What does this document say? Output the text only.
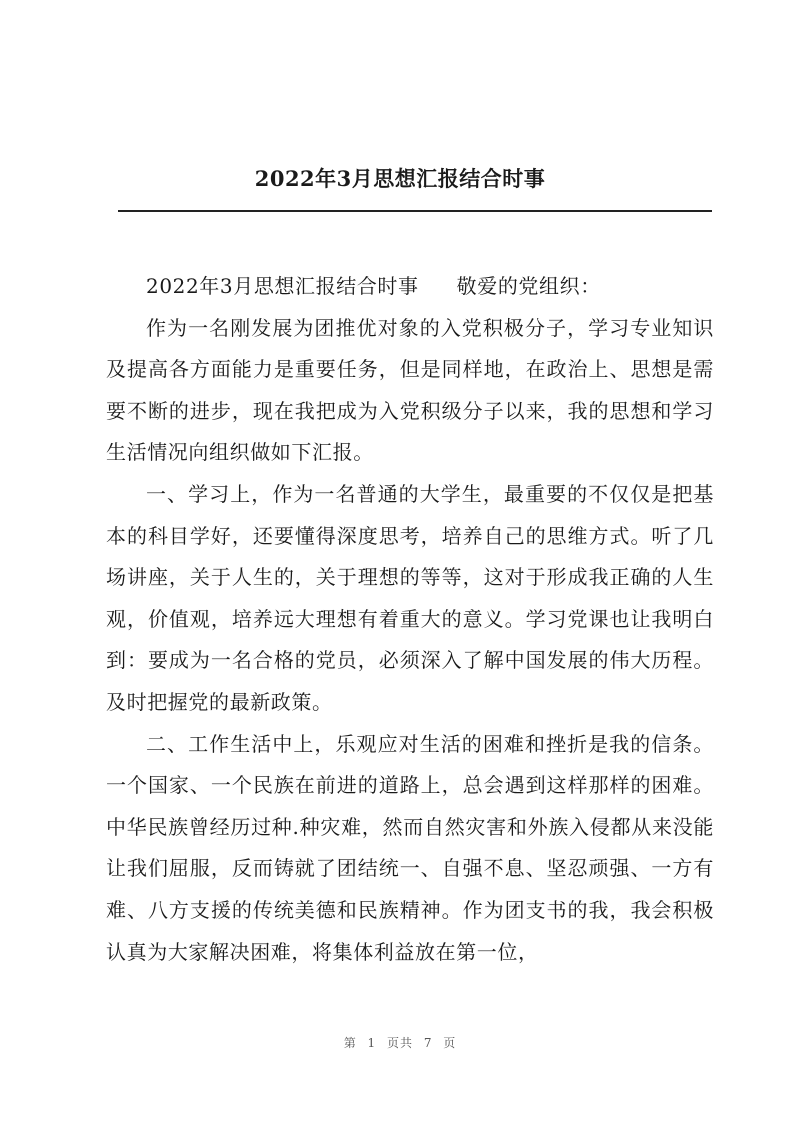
2022年3月思想汇报结合时事

2022年3月思想汇报结合时事 敬爱的党组织：

作为一名刚发展为团推优对象的入党积极分子，学习专业知识及提高各方面能力是重要任务，但是同样地，在政治上、思想是需要不断的进步，现在我把成为入党积级分子以来，我的思想和学习生活情况向组织做如下汇报。

一、学习上，作为一名普通的大学生，最重要的不仅仅是把基本的科目学好，还要懂得深度思考，培养自己的思维方式。听了几场讲座，关于人生的，关于理想的等等，这对于形成我正确的人生观，价值观，培养远大理想有着重大的意义。学习党课也让我明白到：要成为一名合格的党员，必须深入了解中国发展的伟大历程。及时把握党的最新政策。

二、工作生活中上，乐观应对生活的困难和挫折是我的信条。一个国家、一个民族在前进的道路上，总会遇到这样那样的困难。中华民族曾经历过种.种灾难，然而自然灾害和外族入侵都从来没能让我们屈服，反而铸就了团结统一、自强不息、坚忍顽强、一方有难、八方支援的传统美德和民族精神。作为团支书的我，我会积极认真为大家解决困难，将集体利益放在第一位，

第 1 页共 7 页
